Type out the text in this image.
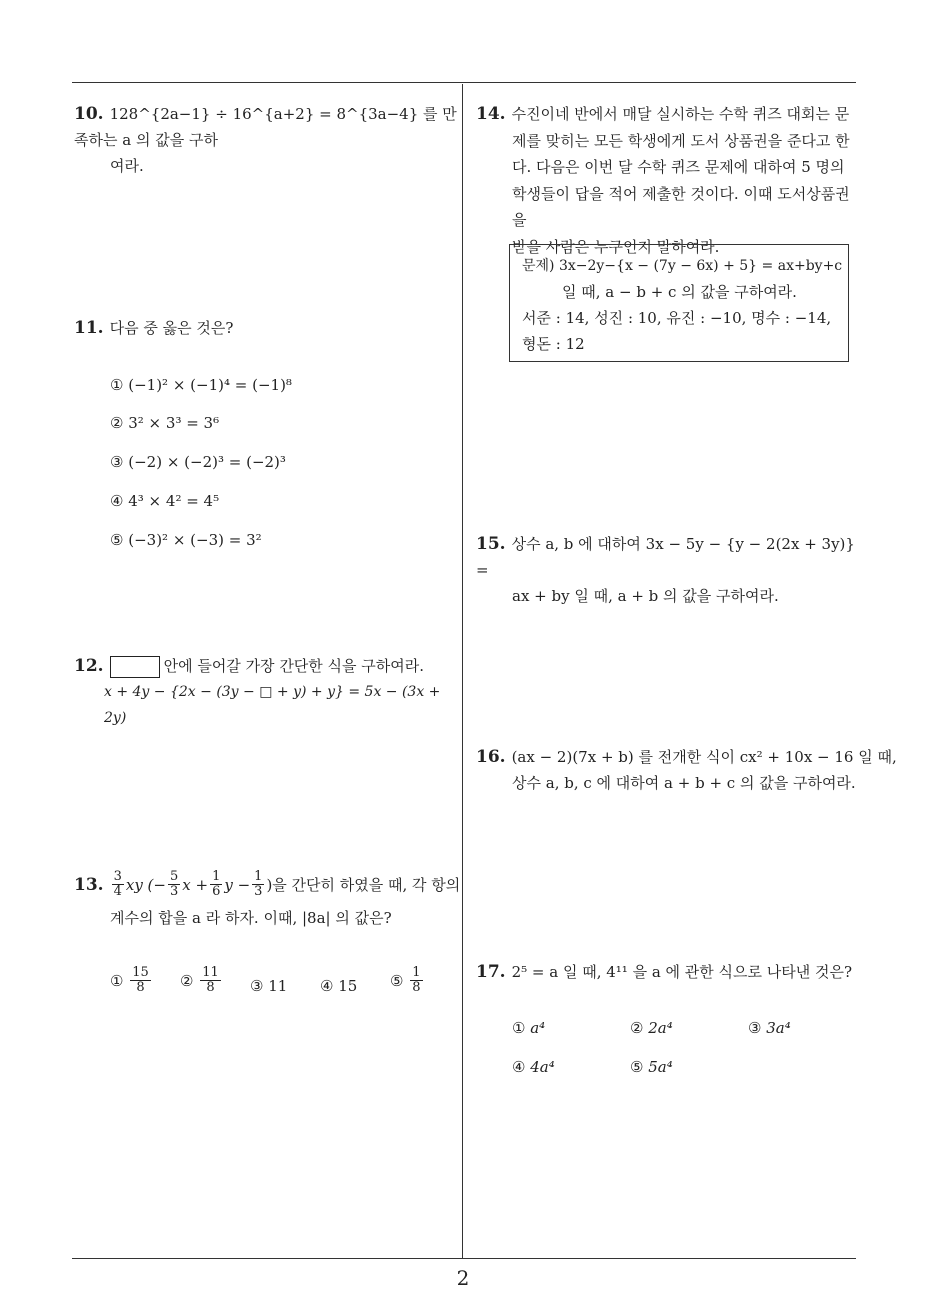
10. 128^{2a−1} ÷ 16^{a+2} = 8^{3a−4} 를 만족하는 a 의 값을 구하
여라.
11. 다음 중 옳은 것은?
① (−1)² × (−1)⁴ = (−1)⁸
② 3² × 3³ = 3⁶
③ (−2) × (−2)³ = (−2)³
④ 4³ × 4² = 4⁵
⑤ (−3)² × (−3) = 3²
12.	안에 들어갈 가장 간단한 식을 구하여라.
x + 4y − {2x − (3y − □ + y) + y} = 5x − (3x + 2y)
13. $\frac{3}{4}$ xy (− $\frac{5}{3}$ $x + \frac{1}{6}$ $y - \frac{1}{3}$ )을 간단히 하였을 때, 각 항의
계수의 합을 a 라 하자. 이때, |8a| 의 값은?
①
$\frac{15}{8}$ ②
$\frac{11}{8}$ ③ 11 ④ 15 ⑤
$\frac{1}{8}$
14. 수진이네 반에서 매달 실시하는 수학 퀴즈 대회는 문
제를 맞히는 모든 학생에게 도서 상품권을 준다고 한
다. 다음은 이번 달 수학 퀴즈 문제에 대하여 5 명의
학생들이 답을 적어 제출한 것이다. 이때 도서상품권을
받을 사람은 누구인지 말하여라.
문제) 3x−2y−{x − (7y − 6x) + 5} = ax+by+c
일 때, a − b + c 의 값을 구하여라.
서준 : 14, 성진 : 10, 유진 : −10, 명수 : −14,
형돈 : 12
15. 상수 a, b 에 대하여 3x − 5y − {y − 2(2x + 3y)} =
ax + by 일 때, a + b 의 값을 구하여라.
16. (ax − 2)(7x + b) 를 전개한 식이 cx² + 10x − 16 일 때,
상수 a, b, c 에 대하여 a + b + c 의 값을 구하여라.
17. 2⁵ = a 일 때, 4¹¹ 을 a 에 관한 식으로 나타낸 것은?
① a⁴	② 2a⁴	③ 3a⁴
④ 4a⁴	⑤ 5a⁴
2
